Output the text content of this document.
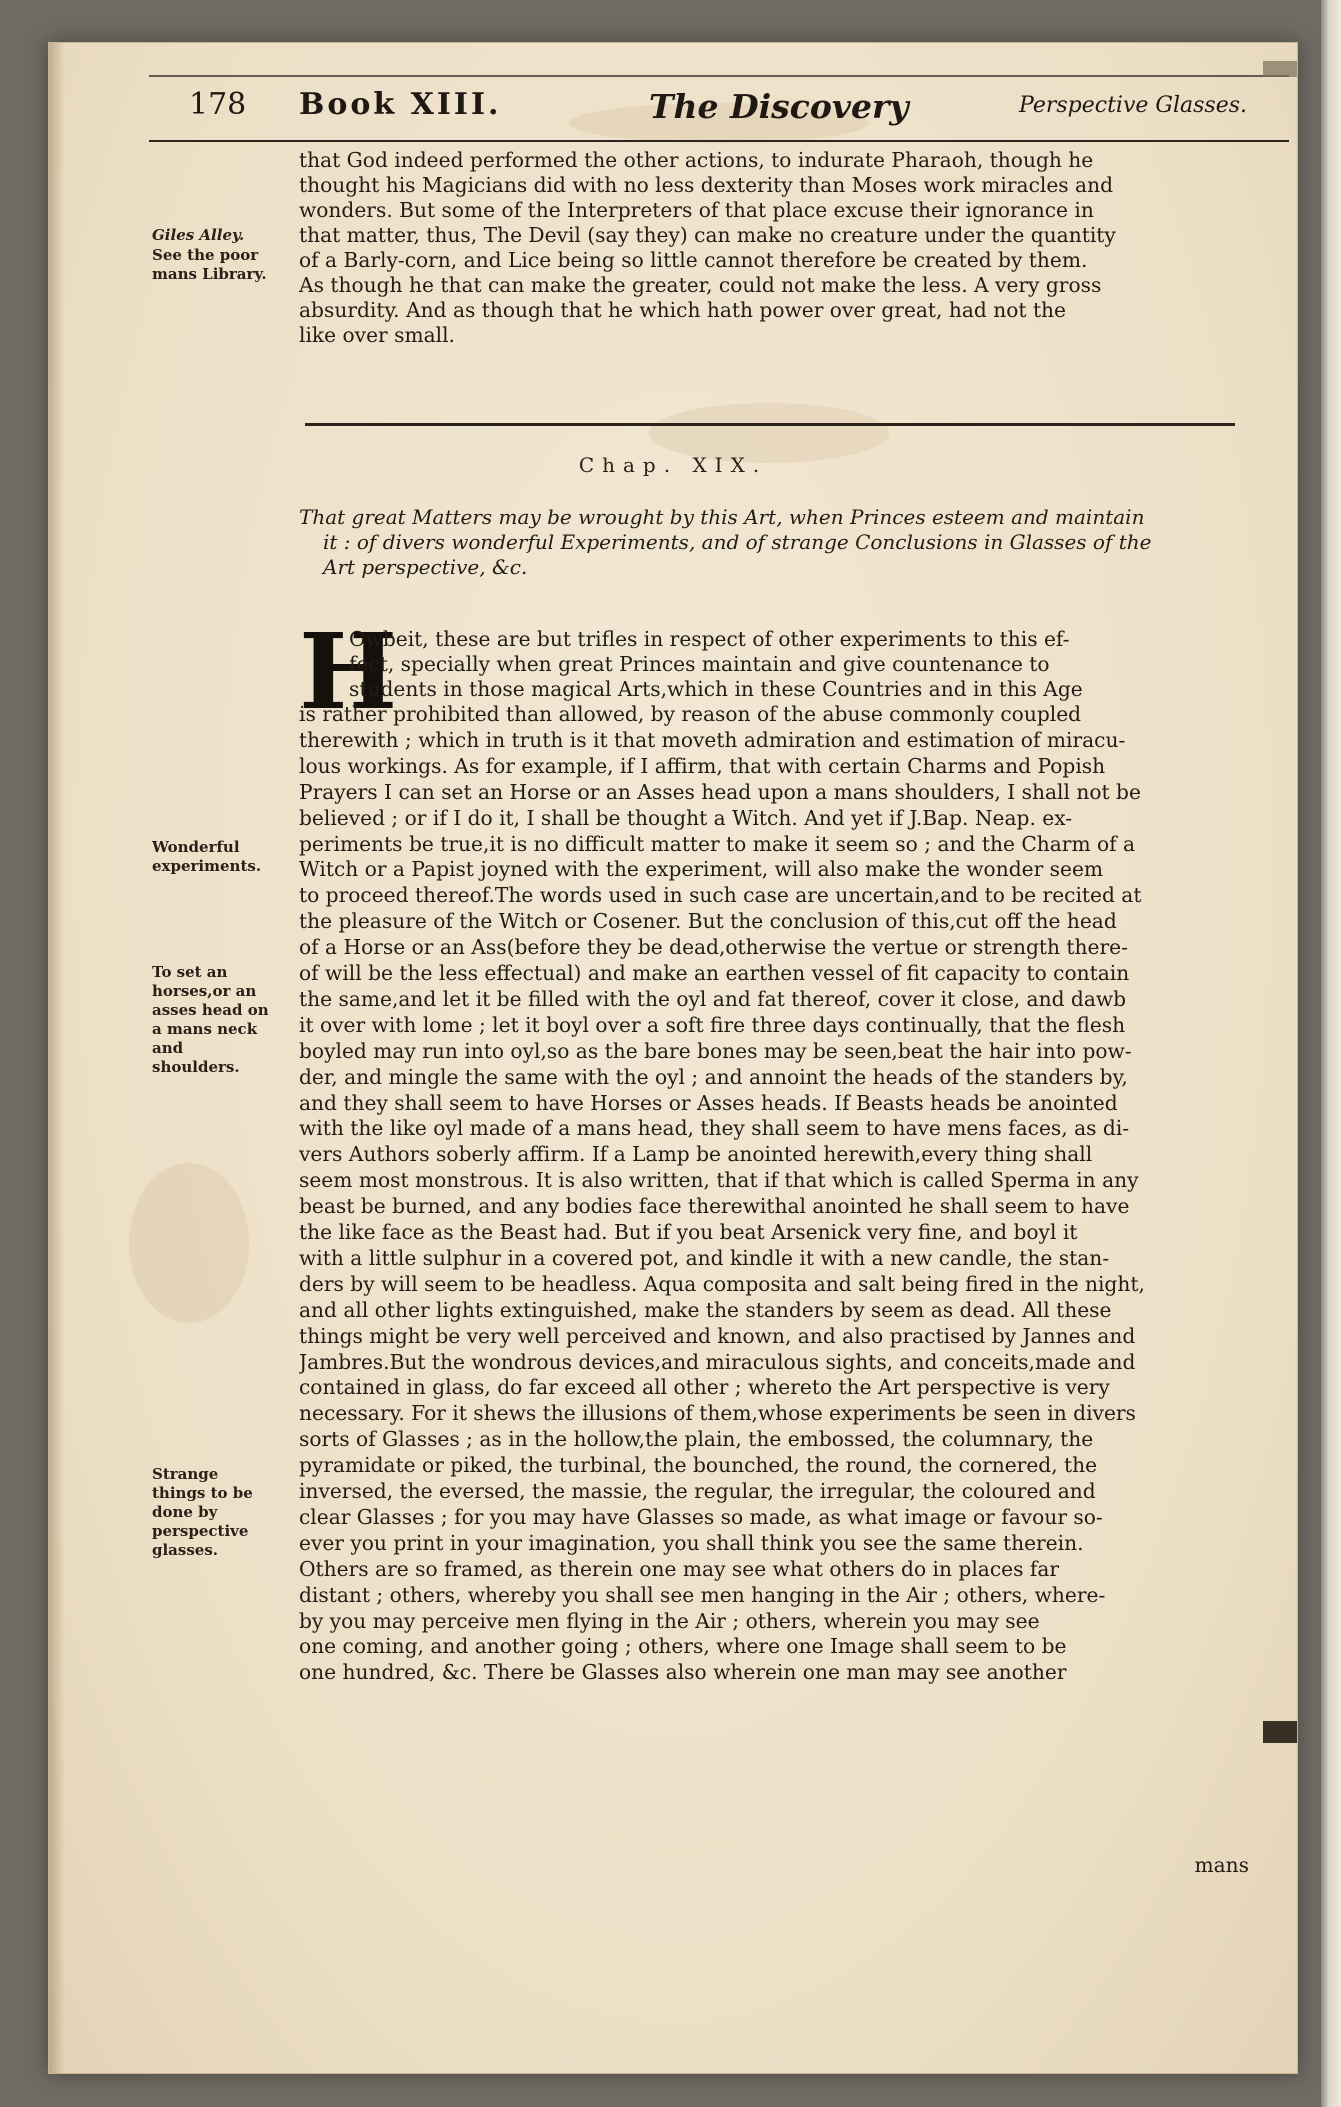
178 Book XIII.	The Discovery	Perspective Glasses.
Giles Alley.
See the poor mans Library.
Wonderful experiments.
To set an horses,or an asses head on a mans neck and shoulders.
Strange things to be done by perspective glasses.
that God indeed performed the other actions, to indurate Pharaoh, though he
thought his Magicians did with no less dexterity than Moses work miracles and
wonders. But some of the Interpreters of that place excuse their ignorance in
that matter, thus, The Devil (say they) can make no creature under the quantity
of a Barly-corn, and Lice being so little cannot therefore be created by them.
As though he that can make the greater, could not make the less. A very gross
absurdity. And as though that he which hath power over great, had not the
like over small.
Chap. XIX.
That great Matters may be wrought by this Art, when Princes esteem and maintain
it : of divers wonderful Experiments, and of strange Conclusions in Glasses of the
Art perspective, &c.
H
Owbeit, these are but trifles in respect of other experiments to this ef-
fect, specially when great Princes maintain and give countenance to
students in those magical Arts,which in these Countries and in this Age
is rather prohibited than allowed, by reason of the abuse commonly coupled
therewith ; which in truth is it that moveth admiration and estimation of miracu-
lous workings. As for example, if I affirm, that with certain Charms and Popish
Prayers I can set an Horse or an Asses head upon a mans shoulders, I shall not be
believed ; or if I do it, I shall be thought a Witch. And yet if J.Bap. Neap. ex-
periments be true,it is no difficult matter to make it seem so ; and the Charm of a
Witch or a Papist joyned with the experiment, will also make the wonder seem
to proceed thereof.The words used in such case are uncertain,and to be recited at
the pleasure of the Witch or Cosener. But the conclusion of this,cut off the head
of a Horse or an Ass(before they be dead,otherwise the vertue or strength there-
of will be the less effectual) and make an earthen vessel of fit capacity to contain
the same,and let it be filled with the oyl and fat thereof, cover it close, and dawb
it over with lome ; let it boyl over a soft fire three days continually, that the flesh
boyled may run into oyl,so as the bare bones may be seen,beat the hair into pow-
der, and mingle the same with the oyl ; and annoint the heads of the standers by,
and they shall seem to have Horses or Asses heads. If Beasts heads be anointed
with the like oyl made of a mans head, they shall seem to have mens faces, as di-
vers Authors soberly affirm. If a Lamp be anointed herewith,every thing shall
seem most monstrous. It is also written, that if that which is called Sperma in any
beast be burned, and any bodies face therewithal anointed he shall seem to have
the like face as the Beast had. But if you beat Arsenick very fine, and boyl it
with a little sulphur in a covered pot, and kindle it with a new candle, the stan-
ders by will seem to be headless. Aqua composita and salt being fired in the night,
and all other lights extinguished, make the standers by seem as dead. All these
things might be very well perceived and known, and also practised by Jannes and
Jambres.But the wondrous devices,and miraculous sights, and conceits,made and
contained in glass, do far exceed all other ; whereto the Art perspective is very
necessary. For it shews the illusions of them,whose experiments be seen in divers
sorts of Glasses ; as in the hollow,the plain, the embossed, the columnary, the
pyramidate or piked, the turbinal, the bounched, the round, the cornered, the
inversed, the eversed, the massie, the regular, the irregular, the coloured and
clear Glasses ; for you may have Glasses so made, as what image or favour so-
ever you print in your imagination, you shall think you see the same therein.
Others are so framed, as therein one may see what others do in places far
distant ; others, whereby you shall see men hanging in the Air ; others, where-
by you may perceive men flying in the Air ; others, wherein you may see
one coming, and another going ; others, where one Image shall seem to be
one hundred, &c. There be Glasses also wherein one man may see another
mans
